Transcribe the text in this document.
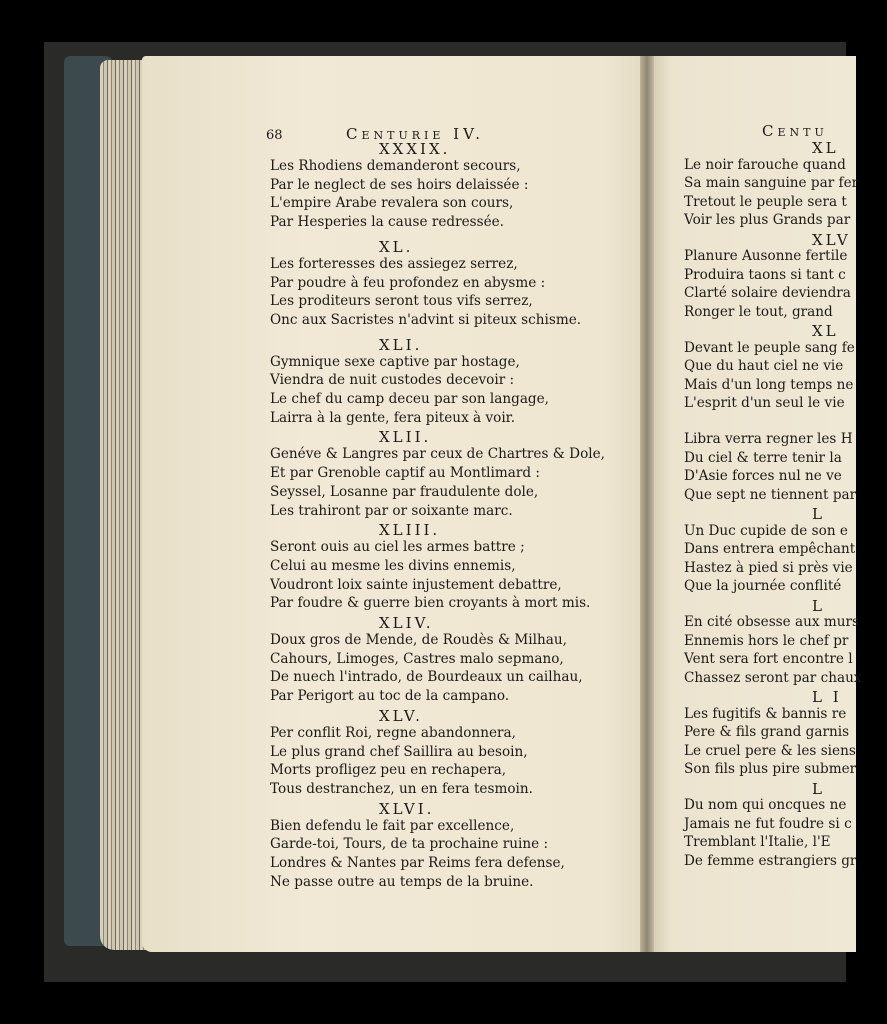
68	Centurie IV.
XXXIX.
Les Rhodiens demanderont secours,
Par le neglect de ses hoirs delaissée :
L'empire Arabe revalera son cours,
Par Hesperies la cause redressée.
XL.
Les forteresses des assiegez serrez,
Par poudre à feu profondez en abysme :
Les proditeurs seront tous vifs serrez,
Onc aux Sacristes n'advint si piteux schisme.
XLI.
Gymnique sexe captive par hostage,
Viendra de nuit custodes decevoir :
Le chef du camp deceu par son langage,
Lairra à la gente, fera piteux à voir.
XLII.
Genéve & Langres par ceux de Chartres & Dole,
Et par Grenoble captif au Montlimard :
Seyssel, Losanne par fraudulente dole,
Les trahiront par or soixante marc.
XLIII.
Seront ouis au ciel les armes battre ;
Celui au mesme les divins ennemis,
Voudront loix sainte injustement debattre,
Par foudre & guerre bien croyants à mort mis.
XLIV.
Doux gros de Mende, de Roudès & Milhau,
Cahours, Limoges, Castres malo sepmano,
De nuech l'intrado, de Bourdeaux un cailhau,
Par Perigort au toc de la campano.
XLV.
Per conflit Roi, regne abandonnera,
Le plus grand chef Saillira au besoin,
Morts profligez peu en rechapera,
Tous destranchez, un en fera tesmoin.
XLVI.
Bien defendu le fait par excellence,
Garde-toi, Tours, de ta prochaine ruine :
Londres & Nantes par Reims fera defense,
Ne passe outre au temps de la bruine.
Centu
XL
Le noir farouche quand
Sa main sanguine par fer
Tretout le peuple sera t
Voir les plus Grands par
XLV
Planure Ausonne fertile
Produira taons si tant c
Clarté solaire deviendra
Ronger le tout, grand
XL
Devant le peuple sang fe
Que du haut ciel ne vie
Mais d'un long temps ne
L'esprit d'un seul le vie
Libra verra regner les H
Du ciel & terre tenir la
D'Asie forces nul ne ve
Que sept ne tiennent par
L
Un Duc cupide de son e
Dans entrera empêchant
Hastez à pied si près vie
Que la journée conflité
L
En cité obsesse aux murs
Ennemis hors le chef pr
Vent sera fort encontre l
Chassez seront par chaux
L I
Les fugitifs & bannis re
Pere & fils grand garnis
Le cruel pere & les siens
Son fils plus pire submer
L
Du nom qui oncques ne
Jamais ne fut foudre si c
Tremblant l'Italie, l'E
De femme estrangiers gr
